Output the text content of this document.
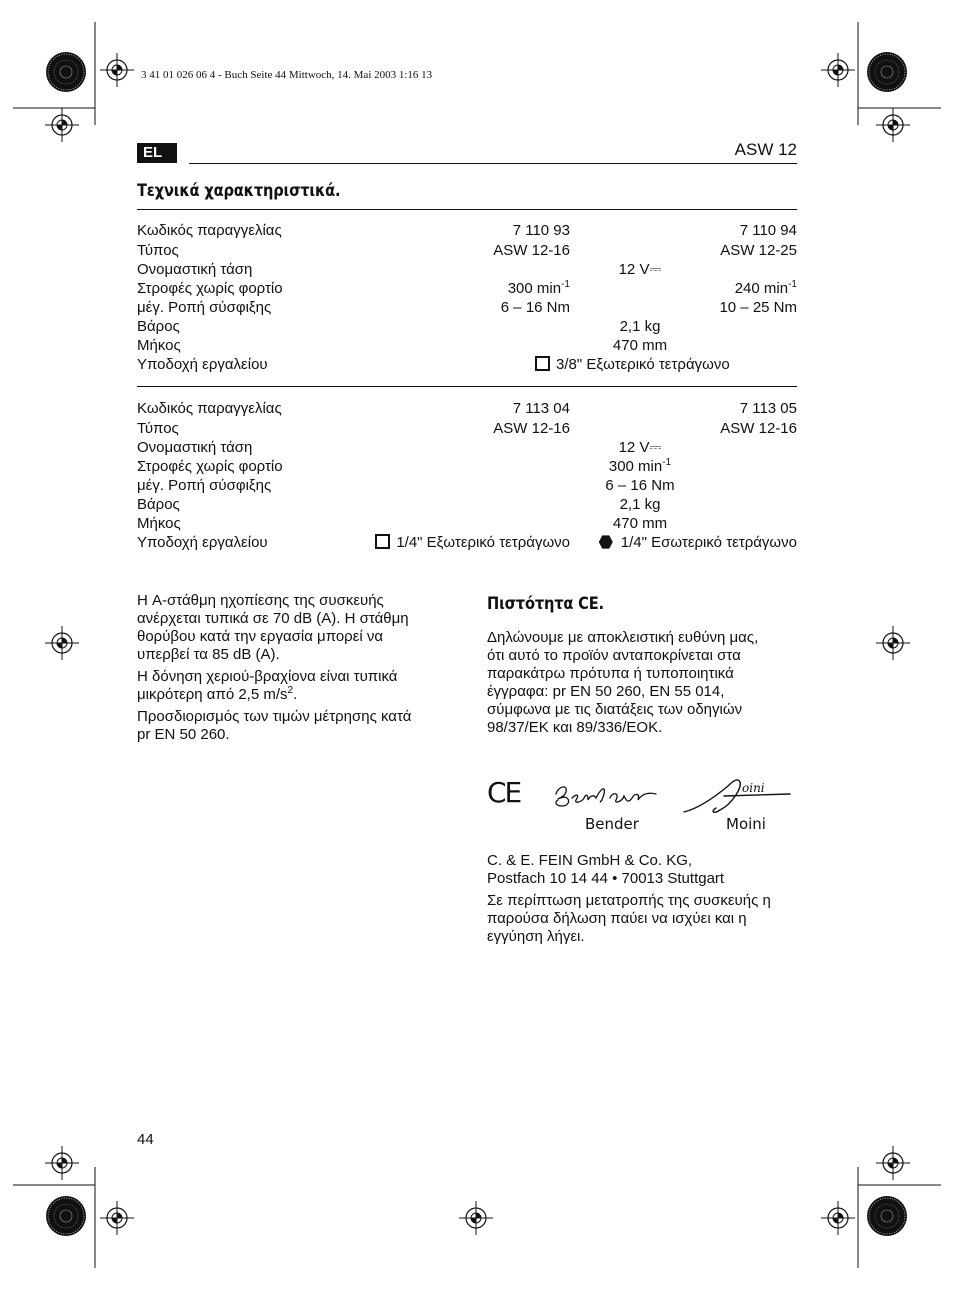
3 41 01 026 06 4 - Buch Seite 44 Mittwoch, 14. Mai 2003 1:16 13
EL	ASW 12
Τεχνικά χαρακτηριστικά.
Κωδικός παραγγελίας	7 110 93	7 110 94
Τύπος	ASW 12-16	ASW 12-25
Ονομαστική τάση	12 V⎓
Στροφές χωρίς φορτίο	300 $\min^{-1}$	240 $\min^{-1}$
μέγ. Ροπή σύσφιξης	6 – 16 Nm	10 – 25 Nm
Βάρος	2,1 kg
Μήκος	470 mm
Υποδοχή εργαλείου	3/8" Εξωτερικό τετράγωνο
Κωδικός παραγγελίας	7 113 04	7 113 05
Τύπος	ASW 12-16	ASW 12-16
Ονομαστική τάση	12 V⎓
Στροφές χωρίς φορτίο	300 $\min^{-1}$
μέγ. Ροπή σύσφιξης	6 – 16 Nm
Βάρος	2,1 kg
Μήκος	470 mm
Υποδοχή εργαλείου	1/4" Εξωτερικό τετράγωνο	1/4" Εσωτερικό τετράγωνο
Η A-στάθμη ηχοπίεσης της συσκευής
ανέρχεται τυπικά σε 70 dB (A). Η στάθμη
θορύβου κατά την εργασία μπορεί να
υπερβεί τα 85 dB (A).
Η δόνηση χεριού-βραχίονα είναι τυπικά
μικρότερη από 2,5 $m/s^2$.
Προσδιορισμός των τιμών μέτρησης κατά
pr EN 50 260.
Πιστότητα CE.
Δηλώνουμε με αποκλειστική ευθύνη μας,
ότι αυτό το προϊόν ανταποκρίνεται στα
παρακάτρω πρότυπα ή τυποποιητικά
έγγραφα: pr EN 50 260, EN 55 014,
σύμφωνα με τις διατάξεις των οδηγιών
98/37/EK και 89/336/EOK.
CE	oini
Bender	Moini
C. & E. FEIN GmbH & Co. KG,
Postfach 10 14 44 • 70013 Stuttgart
Σε περίπτωση μετατροπής της συσκευής η
παρούσα δήλωση παύει να ισχύει και η
εγγύηση λήγει.
44
